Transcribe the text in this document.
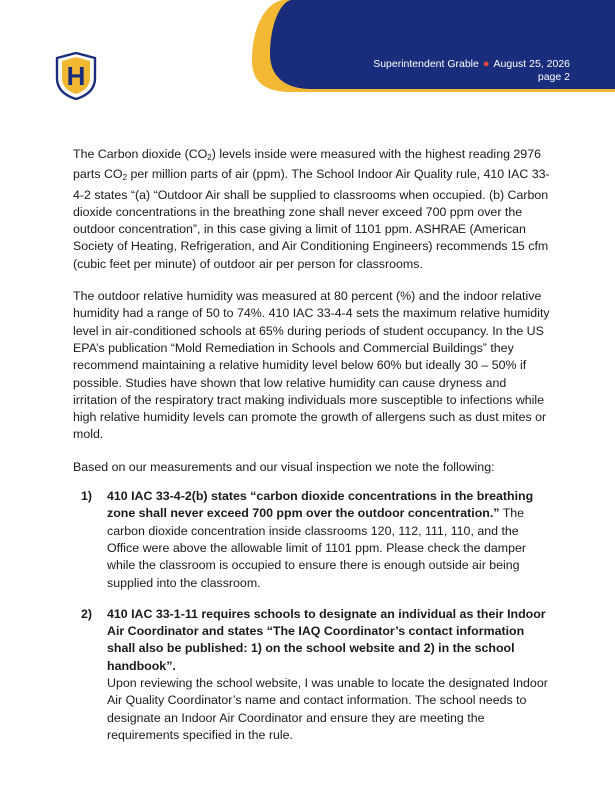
H	Superintendent Grable ● August 25, 2026
page 2

The Carbon dioxide $(CO_2)$ levels inside were measured with the highest reading 2976 parts $CO_2$ per million parts of air (ppm). The School Indoor Air Quality rule, 410 IAC 33-4-2 states “(a) “Outdoor Air shall be supplied to classrooms when occupied. (b) Carbon dioxide concentrations in the breathing zone shall never exceed 700 ppm over the outdoor concentration”, in this case giving a limit of 1101 ppm. ASHRAE (American Society of Heating, Refrigeration, and Air Conditioning Engineers) recommends 15 cfm (cubic feet per minute) of outdoor air per person for classrooms.

The outdoor relative humidity was measured at 80 percent (%) and the indoor relative humidity had a range of 50 to 74%. 410 IAC 33-4-4 sets the maximum relative humidity level in air-conditioned schools at 65% during periods of student occupancy. In the US EPA’s publication “Mold Remediation in Schools and Commercial Buildings” they recommend maintaining a relative humidity level below 60% but ideally 30 – 50% if possible. Studies have shown that low relative humidity can cause dryness and irritation of the respiratory tract making individuals more susceptible to infections while high relative humidity levels can promote the growth of allergens such as dust mites or mold.

Based on our measurements and our visual inspection we note the following:

1) 410 IAC 33-4-2(b) states “carbon dioxide concentrations in the breathing zone shall never exceed 700 ppm over the outdoor concentration.” The carbon dioxide concentration inside classrooms 120, 112, 111, 110, and the Office were above the allowable limit of 1101 ppm. Please check the damper while the classroom is occupied to ensure there is enough outside air being supplied into the classroom.
2) 410 IAC 33-1-11 requires schools to designate an individual as their Indoor Air Coordinator and states “The IAQ Coordinator’s contact information shall also be published: 1) on the school website and 2) in the school handbook”.
Upon reviewing the school website, I was unable to locate the designated Indoor Air Quality Coordinator’s name and contact information. The school needs to designate an Indoor Air Coordinator and ensure they are meeting the requirements specified in the rule.
